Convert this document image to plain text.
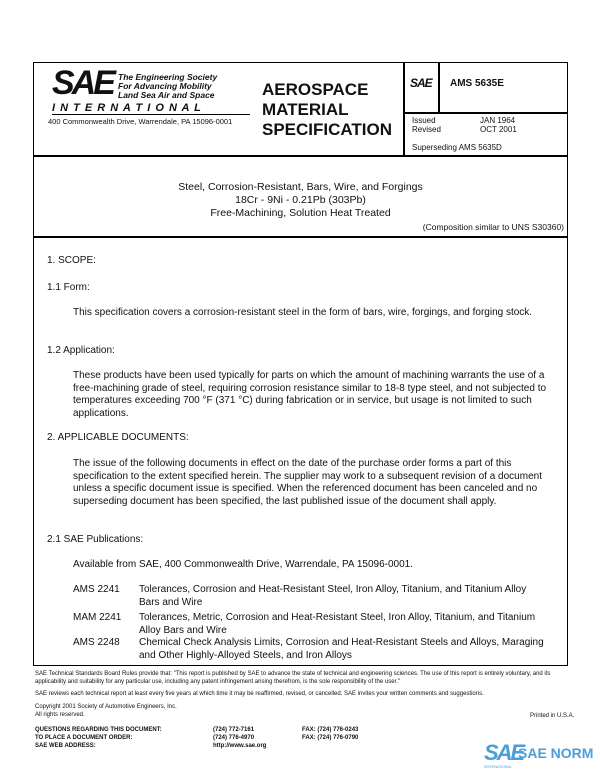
SAE The Engineering Society
For Advancing Mobility
Land Sea Air and Space
I N T E R N A T I O N A L
400 Commonwealth Drive, Warrendale, PA 15096-0001
AEROSPACE
MATERIAL
SPECIFICATION
SAE AMS 5635E
Issued	JAN 1964
Revised	OCT 2001
Superseding AMS 5635D
Steel, Corrosion-Resistant, Bars, Wire, and Forgings
18Cr - 9Ni - 0.21Pb (303Pb)
Free-Machining, Solution Heat Treated
(Composition similar to UNS S30360)
1. SCOPE:
1.1 Form:
This specification covers a corrosion-resistant steel in the form of bars, wire, forgings, and forging stock.
1.2 Application:
These products have been used typically for parts on which the amount of machining warrants the use of a free-machining grade of steel, requiring corrosion resistance similar to 18-8 type steel, and not subjected to temperatures exceeding 700 °F (371 °C) during fabrication or in service, but usage is not limited to such applications.
2. APPLICABLE DOCUMENTS:
The issue of the following documents in effect on the date of the purchase order forms a part of this specification to the extent specified herein. The supplier may work to a subsequent revision of a document unless a specific document issue is specified. When the referenced document has been canceled and no superseding document has been specified, the last published issue of the document shall apply.
2.1 SAE Publications:
Available from SAE, 400 Commonwealth Drive, Warrendale, PA 15096-0001.
AMS 2241 Tolerances, Corrosion and Heat-Resistant Steel, Iron Alloy, Titanium, and Titanium Alloy Bars and Wire
MAM 2241 Tolerances, Metric, Corrosion and Heat-Resistant Steel, Iron Alloy, Titanium, and Titanium Alloy Bars and Wire
AMS 2248 Chemical Check Analysis Limits, Corrosion and Heat-Resistant Steels and Alloys, Maraging and Other Highly-Alloyed Steels, and Iron Alloys
SAE Technical Standards Board Rules provide that: "This report is published by SAE to advance the state of technical and engineering sciences. The use of this report is entirely voluntary, and its applicability and suitability for any particular use, including any patent infringement arising therefrom, is the sole responsibility of the user."
SAE reviews each technical report at least every five years at which time it may be reaffirmed, revised, or cancelled. SAE invites your written comments and suggestions.
Copyright 2001 Society of Automotive Engineers, Inc.
All rights reserved.	Printed in U.S.A.
QUESTIONS REGARDING THIS DOCUMENT:	(724) 772-7161	FAX: (724) 776-0243
TO PLACE A DOCUMENT ORDER:	(724) 776-4970	FAX: (724) 776-0790
SAE WEB ADDRESS:	http://www.sae.org	SAE
SAE NORM
INTERNATIONAL
